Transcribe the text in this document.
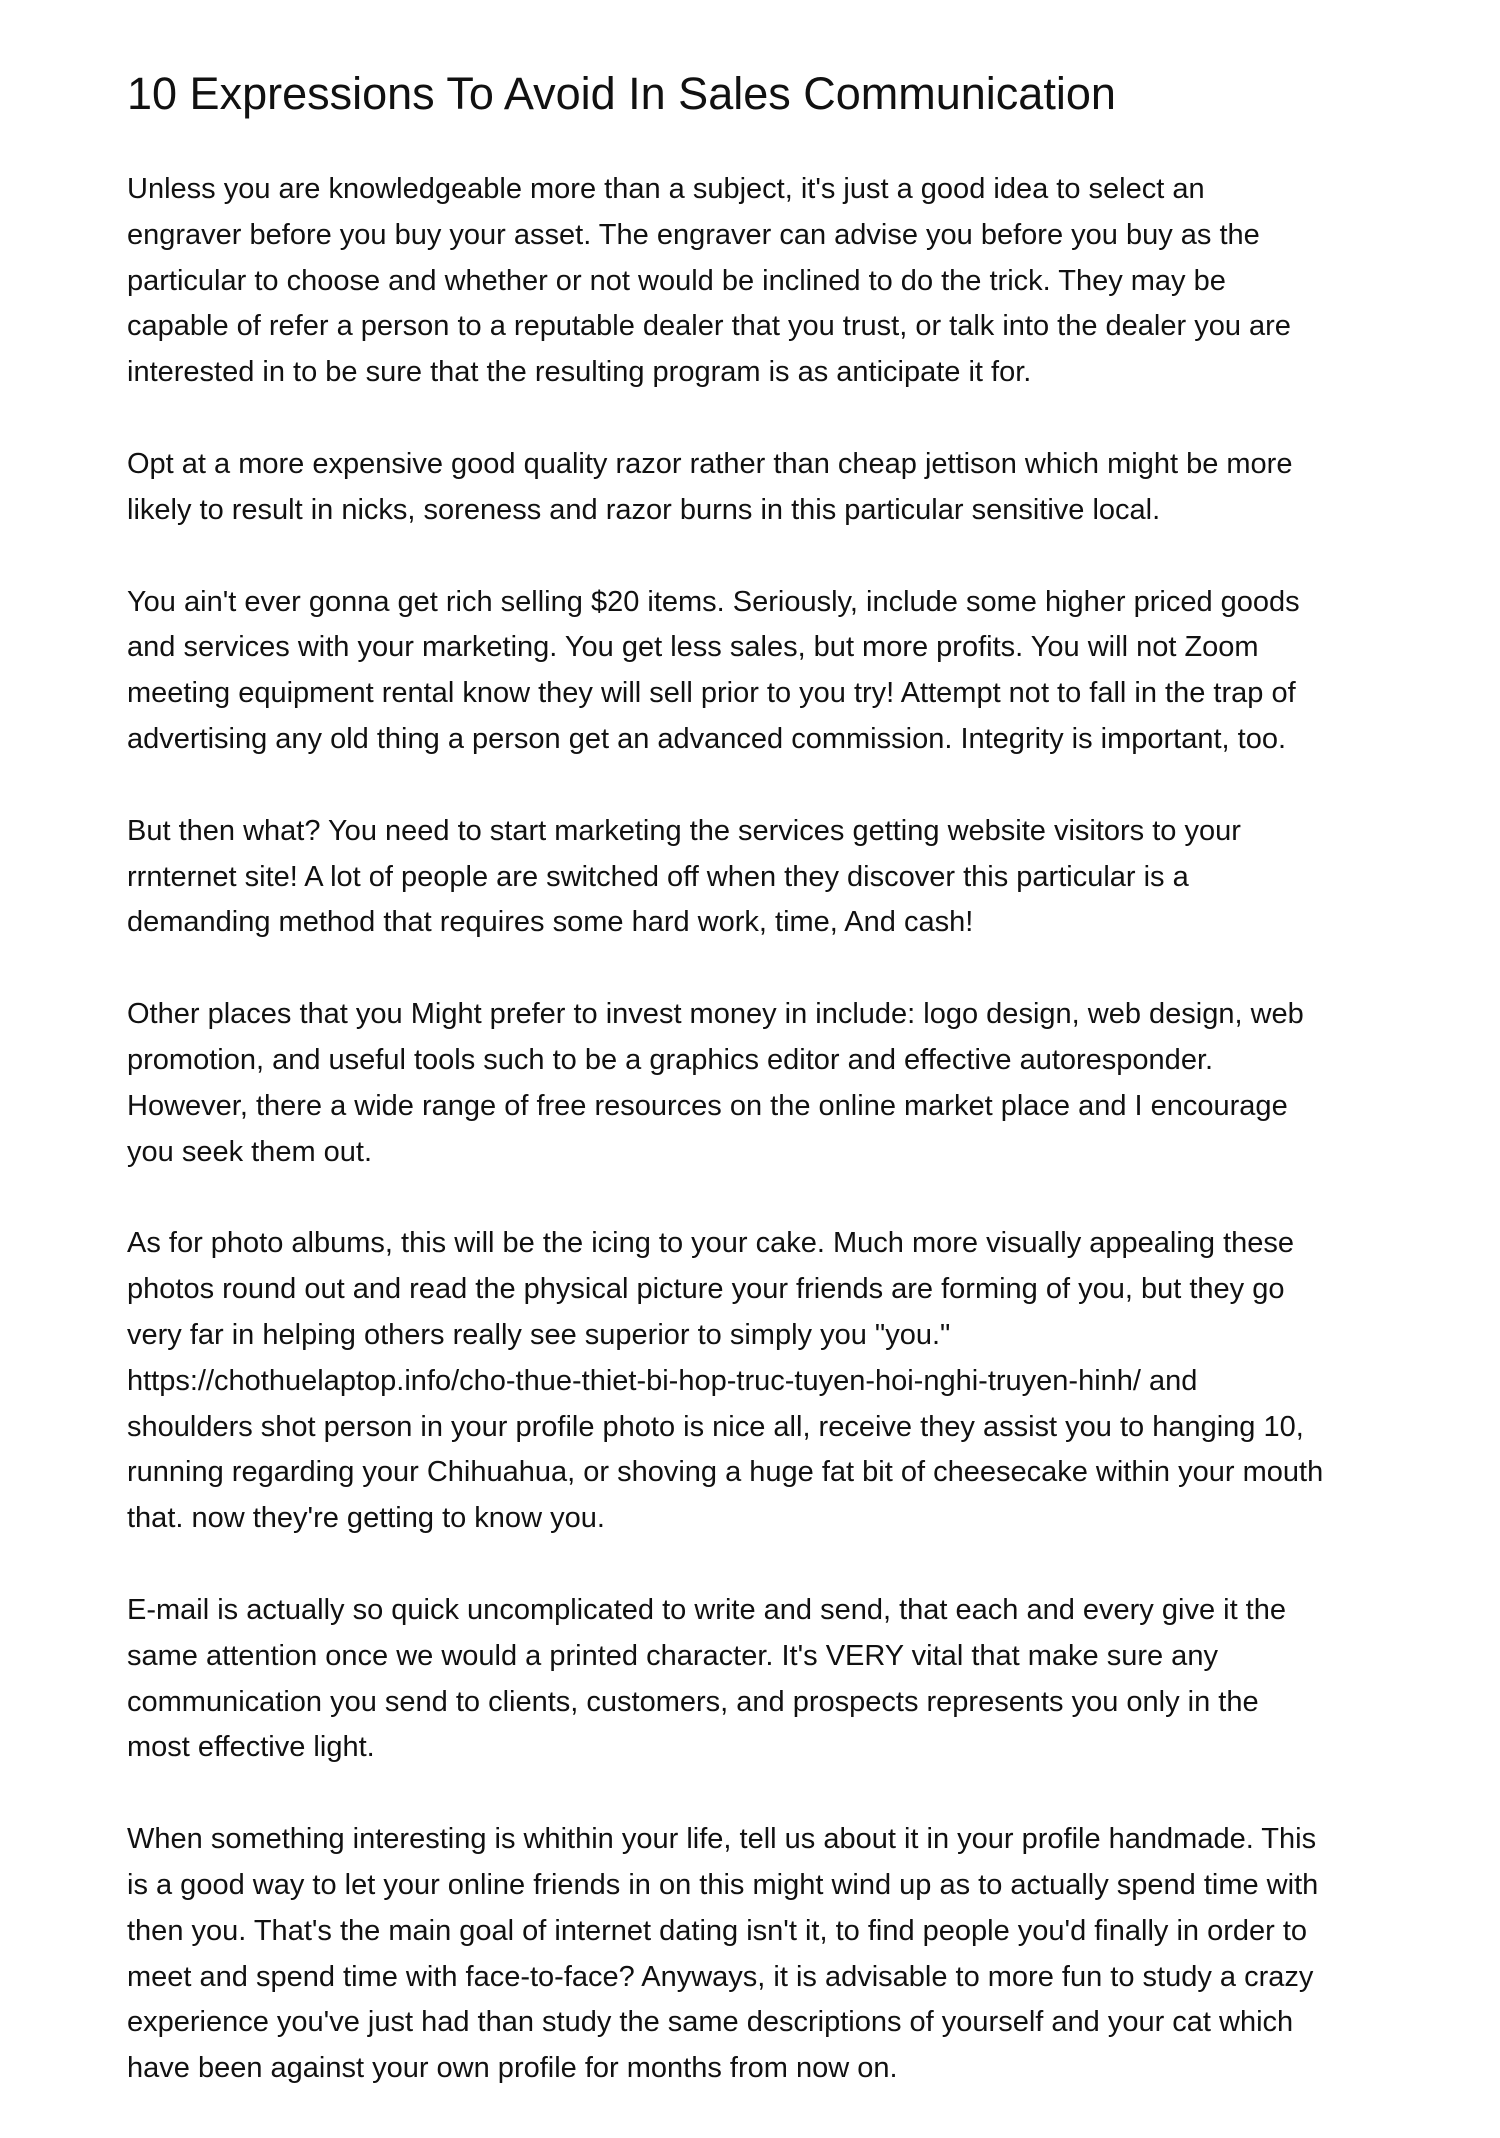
10 Expressions To Avoid In Sales Communication

Unless you are knowledgeable more than a subject, it's just a good idea to select an
engraver before you buy your asset. The engraver can advise you before you buy as the
particular to choose and whether or not would be inclined to do the trick. They may be
capable of refer a person to a reputable dealer that you trust, or talk into the dealer you are
interested in to be sure that the resulting program is as anticipate it for.

Opt at a more expensive good quality razor rather than cheap jettison which might be more
likely to result in nicks, soreness and razor burns in this particular sensitive local.

You ain't ever gonna get rich selling $20 items. Seriously, include some higher priced goods
and services with your marketing. You get less sales, but more profits. You will not Zoom
meeting equipment rental know they will sell prior to you try! Attempt not to fall in the trap of
advertising any old thing a person get an advanced commission. Integrity is important, too.

But then what? You need to start marketing the services getting website visitors to your
rrnternet site! A lot of people are switched off when they discover this particular is a
demanding method that requires some hard work, time, And cash!

Other places that you Might prefer to invest money in include: logo design, web design, web
promotion, and useful tools such to be a graphics editor and effective autoresponder.
However, there a wide range of free resources on the online market place and I encourage
you seek them out.

As for photo albums, this will be the icing to your cake. Much more visually appealing these
photos round out and read the physical picture your friends are forming of you, but they go
very far in helping others really see superior to simply you "you."
https://chothuelaptop.info/cho-thue-thiet-bi-hop-truc-tuyen-hoi-nghi-truyen-hinh/ and
shoulders shot person in your profile photo is nice all, receive they assist you to hanging 10,
running regarding your Chihuahua, or shoving a huge fat bit of cheesecake within your mouth
that. now they're getting to know you.

E-mail is actually so quick uncomplicated to write and send, that each and every give it the
same attention once we would a printed character. It's VERY vital that make sure any
communication you send to clients, customers, and prospects represents you only in the
most effective light.

When something interesting is whithin your life, tell us about it in your profile handmade. This
is a good way to let your online friends in on this might wind up as to actually spend time with
then you. That's the main goal of internet dating isn't it, to find people you'd finally in order to
meet and spend time with face-to-face? Anyways, it is advisable to more fun to study a crazy
experience you've just had than study the same descriptions of yourself and your cat which
have been against your own profile for months from now on.
